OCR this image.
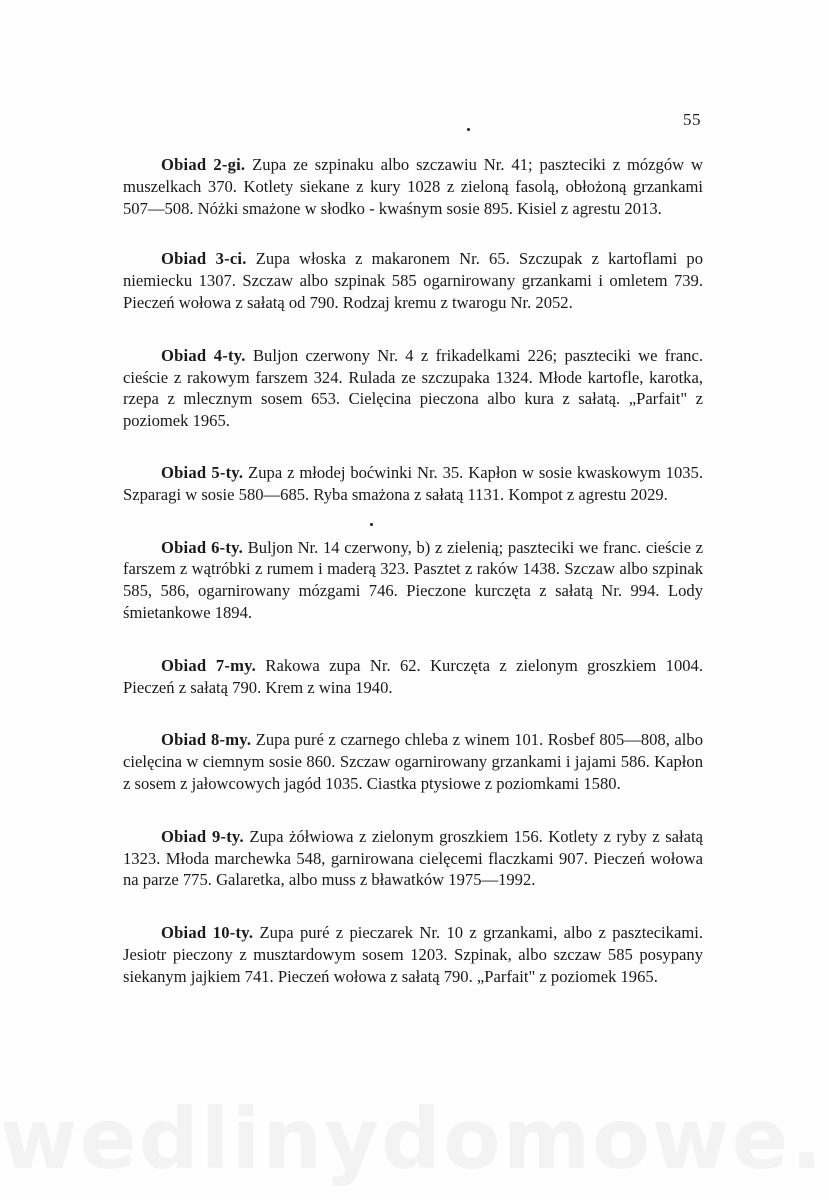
55

Obiad 2-gi. Zupa ze szpinaku albo szczawiu Nr. 41; paszteciki z mózgów w muszelkach 370. Kotlety siekane z kury 1028 z zieloną fasolą, obłożoną grzankami 507—508. Nóżki smażone w słodko - kwaśnym sosie 895. Kisiel z agrestu 2013.

Obiad 3-ci. Zupa włoska z makaronem Nr. 65. Szczupak z kartoflami po niemiecku 1307. Szczaw albo szpinak 585 ogarnirowany grzankami i omletem 739. Pieczeń wołowa z sałatą od 790. Rodzaj kremu z twarogu Nr. 2052.

Obiad 4-ty. Buljon czerwony Nr. 4 z frikadelkami 226; paszteciki we franc. cieście z rakowym farszem 324. Rulada ze szczupaka 1324. Młode kartofle, karotka, rzepa z mlecznym sosem 653. Cielęcina pieczona albo kura z sałatą. „Parfait" z poziomek 1965.

Obiad 5-ty. Zupa z młodej boćwinki Nr. 35. Kapłon w sosie kwaskowym 1035. Szparagi w sosie 580—685. Ryba smażona z sałatą 1131. Kompot z agrestu 2029.

Obiad 6-ty. Buljon Nr. 14 czerwony, b) z zielenią; paszteciki we franc. cieście z farszem z wątróbki z rumem i maderą 323. Pasztet z raków 1438. Szczaw albo szpinak 585, 586, ogarnirowany mózgami 746. Pieczone kurczęta z sałatą Nr. 994. Lody śmietankowe 1894.

Obiad 7-my. Rakowa zupa Nr. 62. Kurczęta z zielonym groszkiem 1004. Pieczeń z sałatą 790. Krem z wina 1940.

Obiad 8-my. Zupa puré z czarnego chleba z winem 101. Rosbef 805—808, albo cielęcina w ciemnym sosie 860. Szczaw ogarnirowany grzankami i jajami 586. Kapłon z sosem z jałowcowych jagód 1035. Ciastka ptysiowe z poziomkami 1580.

Obiad 9-ty. Zupa żółwiowa z zielonym groszkiem 156. Kotlety z ryby z sałatą 1323. Młoda marchewka 548, garnirowana cielęcemi flaczkami 907. Pieczeń wołowa na parze 775. Galaretka, albo muss z bławatków 1975—1992.

Obiad 10-ty. Zupa puré z pieczarek Nr. 10 z grzankami, albo z pasztecikami. Jesiotr pieczony z musztardowym sosem 1203. Szpinak, albo szczaw 585 posypany siekanym jajkiem 741. Pieczeń wołowa z sałatą 790. „Parfait" z poziomek 1965.
